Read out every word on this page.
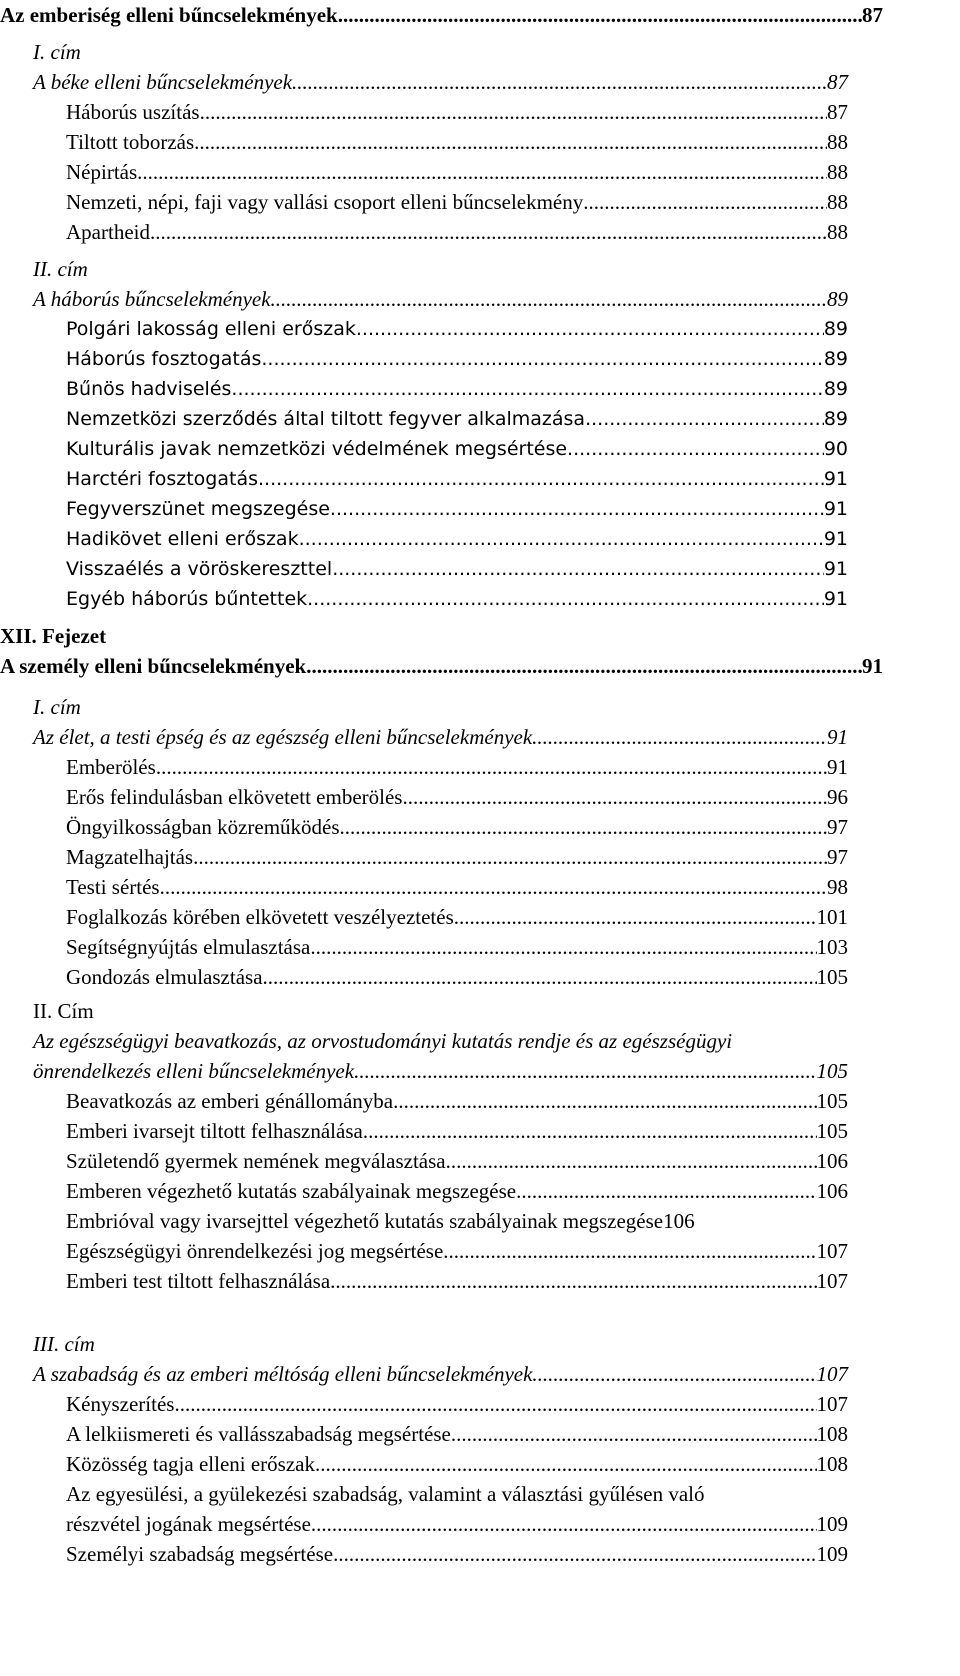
Az emberiség elleni bűncselekmények .....	87
I. cím
A béke elleni bűncselekmények .....	87
Háborús uszítás .....	87
Tiltott toborzás .....	88
Népirtás .....	88
Nemzeti, népi, faji vagy vallási csoport elleni bűncselekmény .....	88
Apartheid .....	88
II. cím
A háborús bűncselekmények .....	89
Polgári lakosság elleni erőszak .....	89
Háborús fosztogatás .....	89
Bűnös hadviselés .....	89
Nemzetközi szerződés által tiltott fegyver alkalmazása .....	89
Kulturális javak nemzetközi védelmének megsértése .....	90
Harctéri fosztogatás .....	91
Fegyverszünet megszegése .....	91
Hadikövet elleni erőszak .....	91
Visszaélés a vöröskereszttel .....	91
Egyéb háborús bűntettek .....	91
XII. Fejezet
A személy elleni bűncselekmények .....	91
I. cím
Az élet, a testi épség és az egészség elleni bűncselekmények .....	91
Emberölés .....	91
Erős felindulásban elkövetett emberölés .....	96
Öngyilkosságban közreműködés .....	97
Magzatelhajtás .....	97
Testi sértés .....	98
Foglalkozás körében elkövetett veszélyeztetés .....	101
Segítségnyújtás elmulasztása .....	103
Gondozás elmulasztása .....	105
II. Cím
Az egészségügyi beavatkozás, az orvostudományi kutatás rendje és az egészségügyi
önrendelkezés elleni bűncselekmények .....	105
Beavatkozás az emberi génállományba .....	105
Emberi ivarsejt tiltott felhasználása .....	105
Születendő gyermek nemének megválasztása .....	106
Emberen végezhető kutatás szabályainak megszegése .....	106
Embrióval vagy ivarsejttel végezhető kutatás szabályainak megszegése106
Egészségügyi önrendelkezési jog megsértése .....	107
Emberi test tiltott felhasználása .....	107
III. cím
A szabadság és az emberi méltóság elleni bűncselekmények .....	107
Kényszerítés .....	107
A lelkiismereti és vallásszabadság megsértése .....	108
Közösség tagja elleni erőszak .....	108
Az egyesülési, a gyülekezési szabadság, valamint a választási gyűlésen való
részvétel jogának megsértése .....	109
Személyi szabadság megsértése .....	109
